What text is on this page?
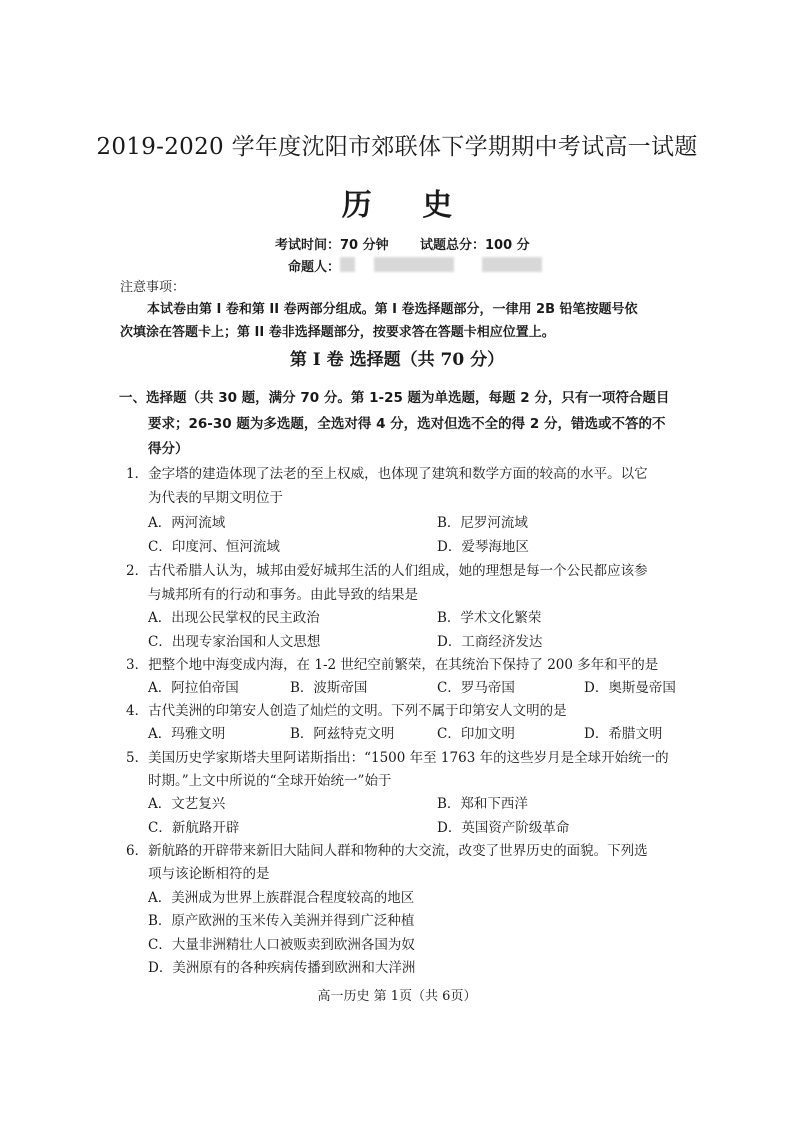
2019-2020 学年度沈阳市郊联体下学期期中考试高一试题
历 史
考试时间：70 分钟 试题总分：100 分
命题人：
注意事项：
本试卷由第 I 卷和第 II 卷两部分组成。第 I 卷选择题部分，一律用 2B 铅笔按题号依
次填涂在答题卡上；第 II 卷非选择题部分，按要求答在答题卡相应位置上。
第 I 卷 选择题（共 70 分）
一、选择题（共 30 题，满分 70 分。第 1-25 题为单选题，每题 2 分，只有一项符合题目
要求；26-30 题为多选题，全选对得 4 分，选对但选不全的得 2 分，错选或不答的不
得分）
1．金字塔的建造体现了法老的至上权威，也体现了建筑和数学方面的较高的水平。以它
为代表的早期文明位于
A．两河流域	B．尼罗河流域
C．印度河、恒河流域	D．爱琴海地区
2．古代希腊人认为，城邦由爱好城邦生活的人们组成，她的理想是每一个公民都应该参
与城邦所有的行动和事务。由此导致的结果是
A．出现公民掌权的民主政治	B．学术文化繁荣
C．出现专家治国和人文思想	D．工商经济发达
3．把整个地中海变成内海，在 1-2 世纪空前繁荣，在其统治下保持了 200 多年和平的是
A．阿拉伯帝国	B．波斯帝国	C．罗马帝国	D．奥斯曼帝国
4．古代美洲的印第安人创造了灿烂的文明。下列不属于印第安人文明的是
A．玛雅文明	B．阿兹特克文明	C．印加文明	D．希腊文明
5．美国历史学家斯塔夫里阿诺斯指出：“1500 年至 1763 年的这些岁月是全球开始统一的
时期。”上文中所说的“全球开始统一”始于
A．文艺复兴	B．郑和下西洋
C．新航路开辟	D．英国资产阶级革命
6．新航路的开辟带来新旧大陆间人群和物种的大交流，改变了世界历史的面貌。下列选
项与该论断相符的是
A．美洲成为世界上族群混合程度较高的地区
B．原产欧洲的玉米传入美洲并得到广泛种植
C．大量非洲精壮人口被贩卖到欧洲各国为奴
D．美洲原有的各种疾病传播到欧洲和大洋洲
高一历史 第 1页（共 6页）
